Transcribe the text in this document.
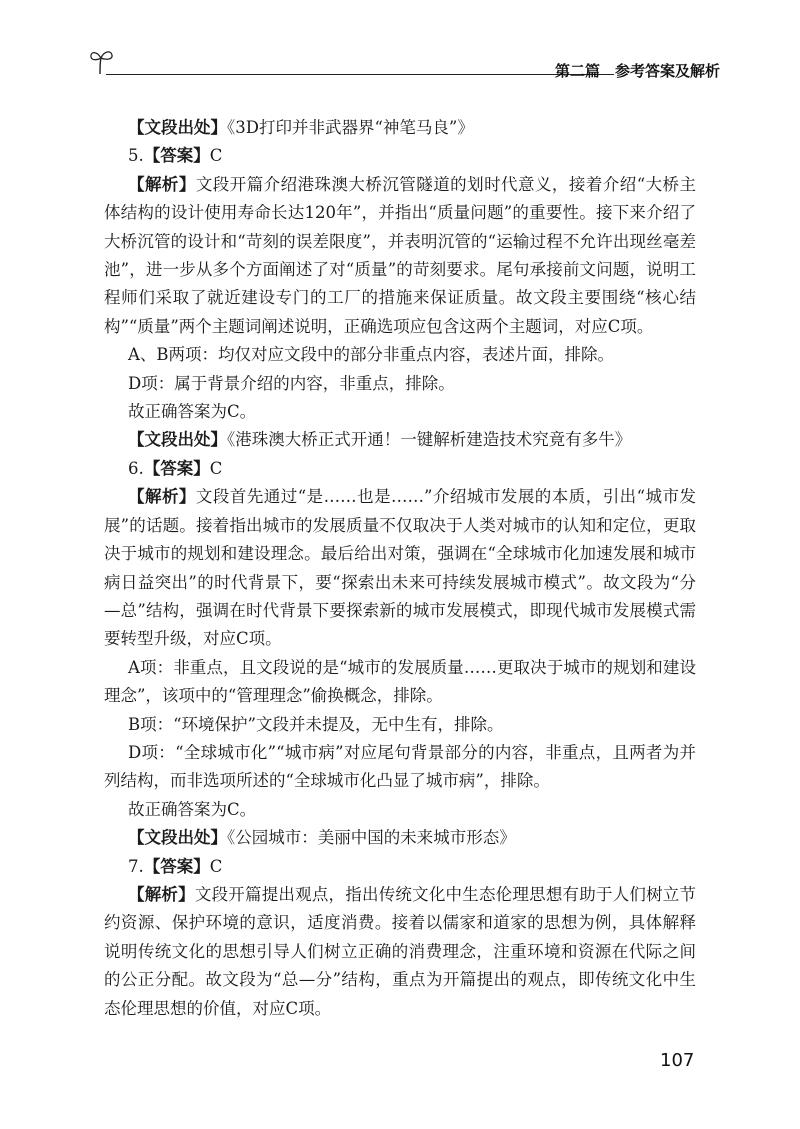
第二篇　参考答案及解析

【文段出处】《3D打印并非武器界“神笔马良”》

5.【答案】C

【解析】文段开篇介绍港珠澳大桥沉管隧道的划时代意义，接着介绍“大桥主体结构的设计使用寿命长达120年”，并指出“质量问题”的重要性。接下来介绍了大桥沉管的设计和“苛刻的误差限度”，并表明沉管的“运输过程不允许出现丝毫差池”，进一步从多个方面阐述了对“质量”的苛刻要求。尾句承接前文问题，说明工程师们采取了就近建设专门的工厂的措施来保证质量。故文段主要围绕“核心结构”“质量”两个主题词阐述说明，正确选项应包含这两个主题词，对应C项。

A、B两项：均仅对应文段中的部分非重点内容，表述片面，排除。

D项：属于背景介绍的内容，非重点，排除。

故正确答案为C。

【文段出处】《港珠澳大桥正式开通！一键解析建造技术究竟有多牛》

6.【答案】C

【解析】文段首先通过“是……也是……”介绍城市发展的本质，引出“城市发展”的话题。接着指出城市的发展质量不仅取决于人类对城市的认知和定位，更取决于城市的规划和建设理念。最后给出对策，强调在“全球城市化加速发展和城市病日益突出”的时代背景下，要“探索出未来可持续发展城市模式”。故文段为“分—总”结构，强调在时代背景下要探索新的城市发展模式，即现代城市发展模式需要转型升级，对应C项。

A项：非重点，且文段说的是“城市的发展质量……更取决于城市的规划和建设理念”，该项中的“管理理念”偷换概念，排除。

B项：“环境保护”文段并未提及，无中生有，排除。

D项：“全球城市化”“城市病”对应尾句背景部分的内容，非重点，且两者为并列结构，而非选项所述的“全球城市化凸显了城市病”，排除。

故正确答案为C。

【文段出处】《公园城市：美丽中国的未来城市形态》

7.【答案】C

【解析】文段开篇提出观点，指出传统文化中生态伦理思想有助于人们树立节约资源、保护环境的意识，适度消费。接着以儒家和道家的思想为例，具体解释说明传统文化的思想引导人们树立正确的消费理念，注重环境和资源在代际之间的公正分配。故文段为“总—分”结构，重点为开篇提出的观点，即传统文化中生态伦理思想的价值，对应C项。

107
